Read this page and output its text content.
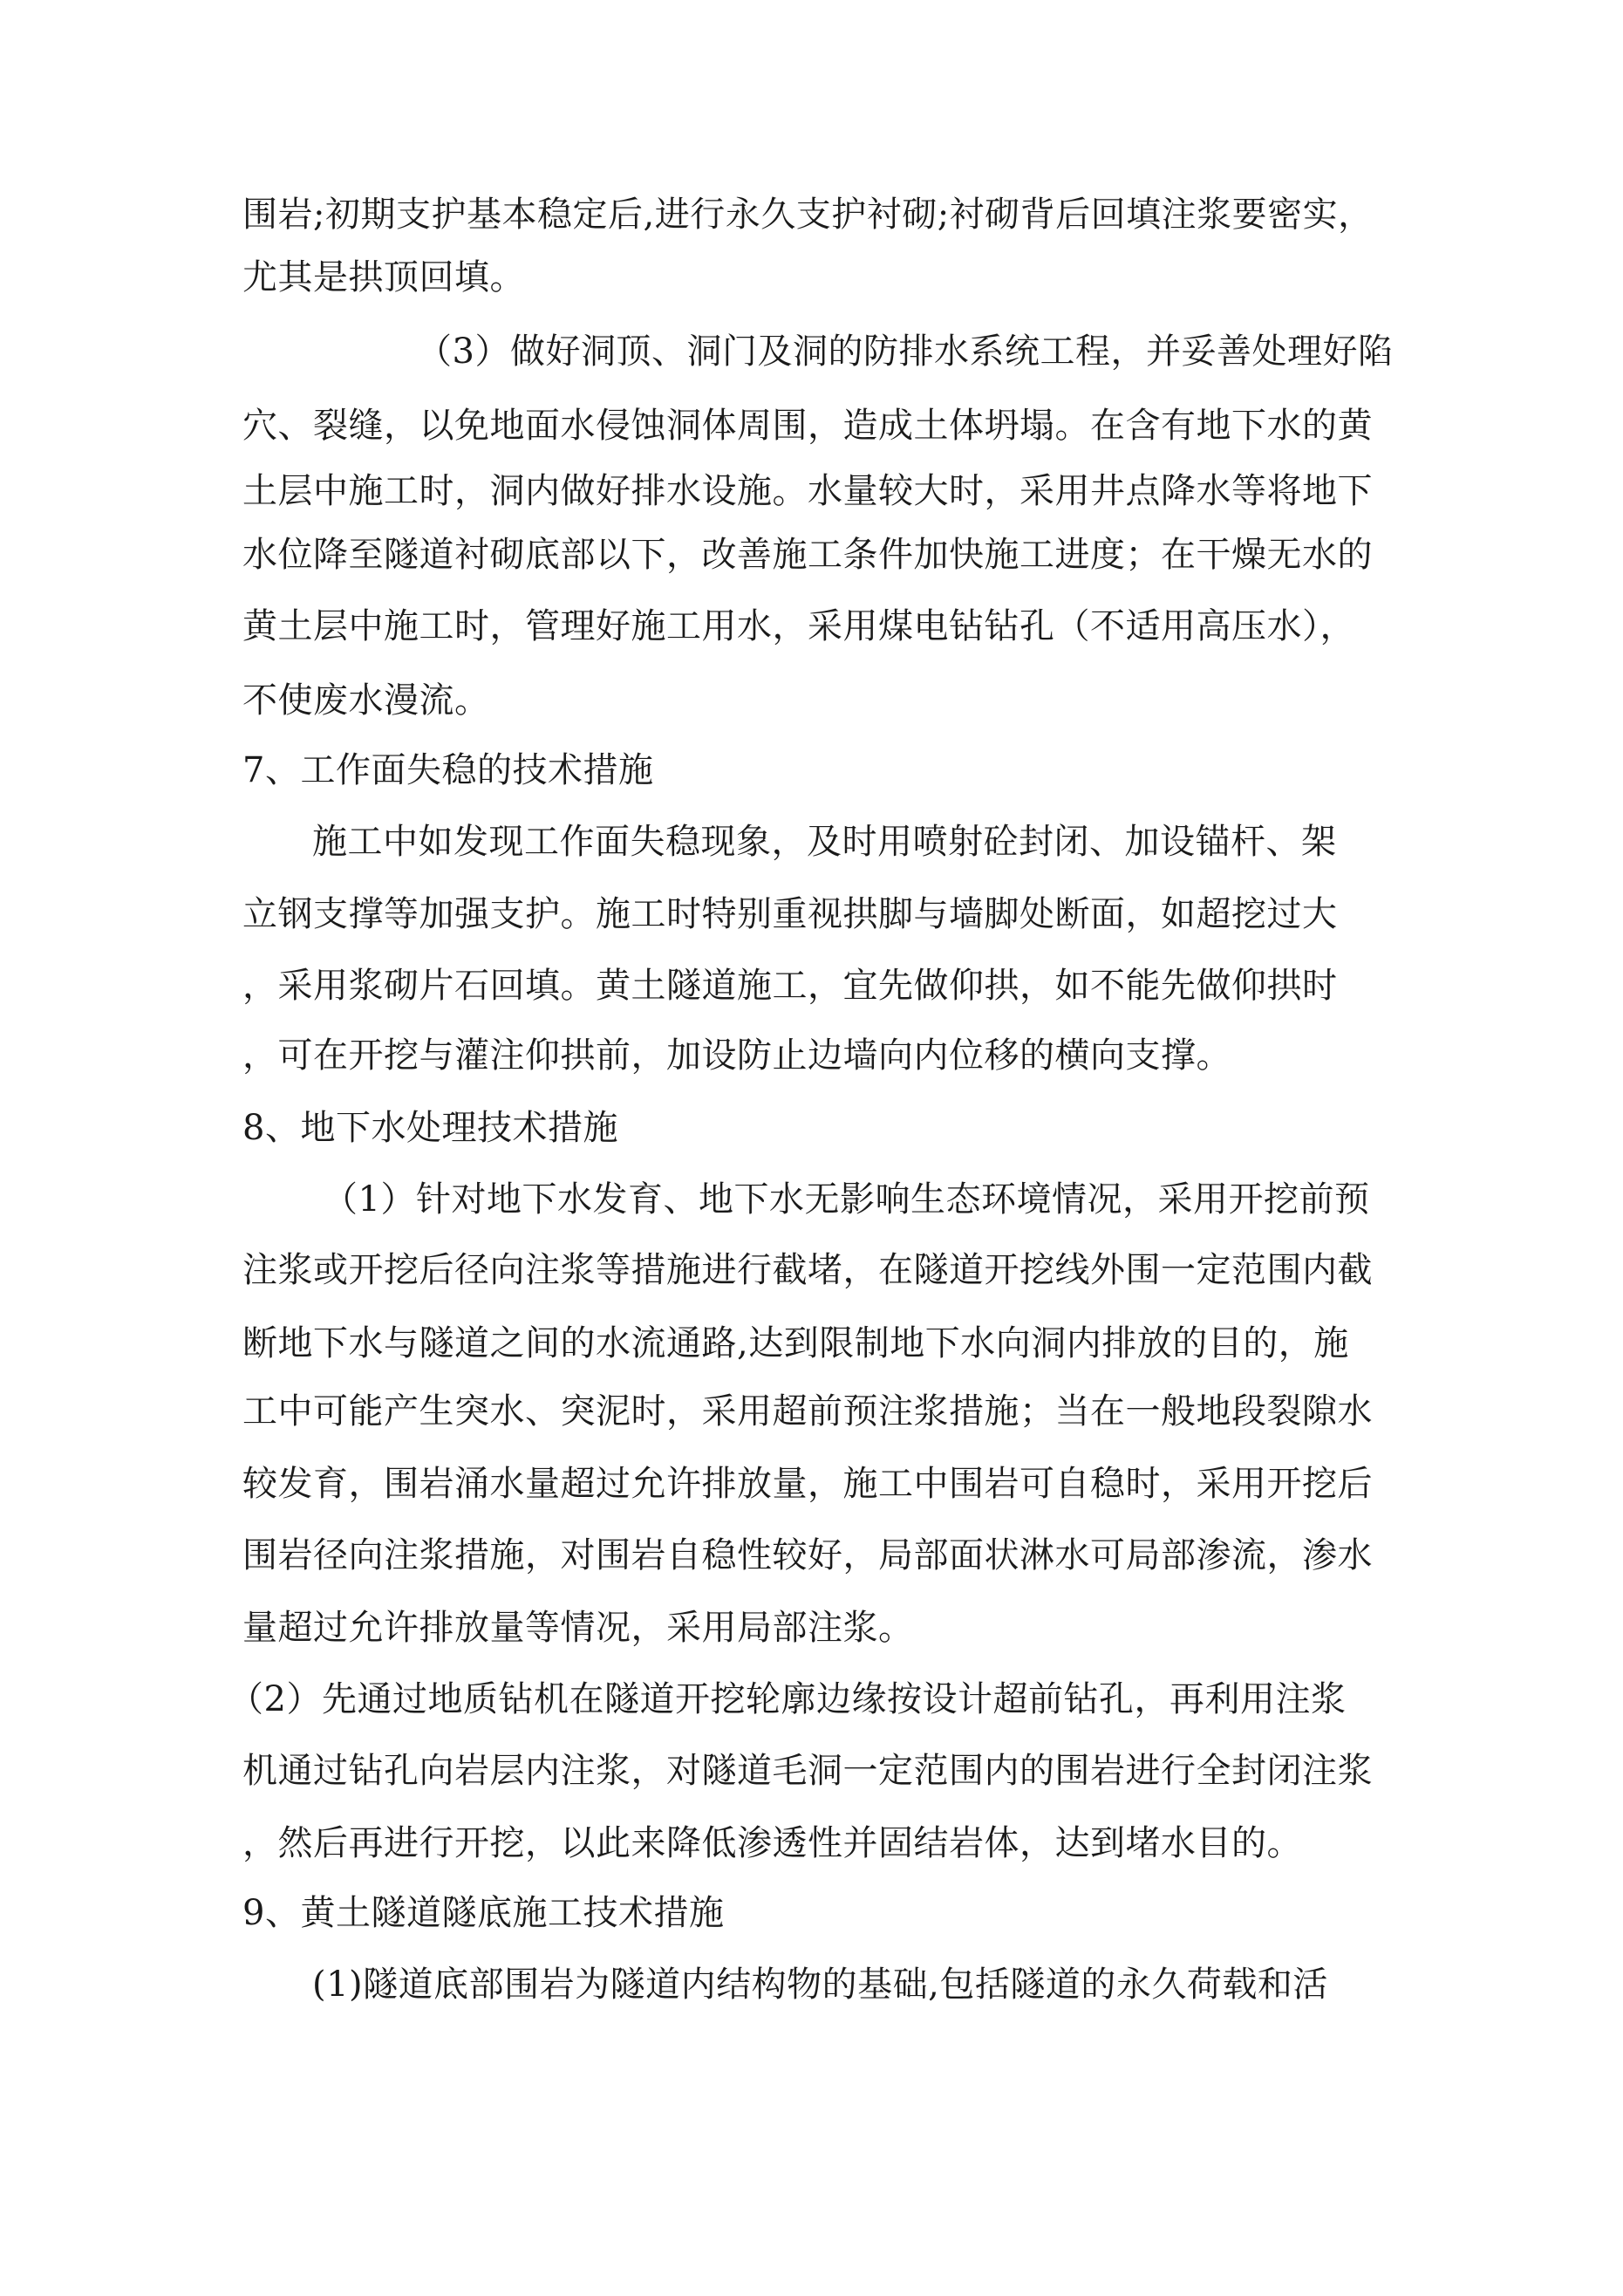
围岩;初期支护基本稳定后,进行永久支护衬砌;衬砌背后回填注浆要密实，
尤其是拱顶回填。
（3）做好洞顶、洞门及洞的防排水系统工程，并妥善处理好陷
穴、裂缝，以免地面水侵蚀洞体周围，造成土体坍塌。在含有地下水的黄
土层中施工时，洞内做好排水设施。水量较大时，采用井点降水等将地下
水位降至隧道衬砌底部以下，改善施工条件加快施工进度；在干燥无水的
黄土层中施工时，管理好施工用水，采用煤电钻钻孔（不适用高压水），
不使废水漫流。
7、工作面失稳的技术措施
施工中如发现工作面失稳现象，及时用喷射砼封闭、加设锚杆、架
立钢支撑等加强支护。施工时特别重视拱脚与墙脚处断面，如超挖过大
，采用浆砌片石回填。黄土隧道施工，宜先做仰拱，如不能先做仰拱时
，可在开挖与灌注仰拱前，加设防止边墙向内位移的横向支撑。
8、地下水处理技术措施
（1）针对地下水发育、地下水无影响生态环境情况，采用开挖前预
注浆或开挖后径向注浆等措施进行截堵，在隧道开挖线外围一定范围内截
断地下水与隧道之间的水流通路,达到限制地下水向洞内排放的目的，施
工中可能产生突水、突泥时，采用超前预注浆措施；当在一般地段裂隙水
较发育，围岩涌水量超过允许排放量，施工中围岩可自稳时，采用开挖后
围岩径向注浆措施，对围岩自稳性较好，局部面状淋水可局部渗流，渗水
量超过允许排放量等情况，采用局部注浆。
（2）先通过地质钻机在隧道开挖轮廓边缘按设计超前钻孔，再利用注浆
机通过钻孔向岩层内注浆，对隧道毛洞一定范围内的围岩进行全封闭注浆
，然后再进行开挖，以此来降低渗透性并固结岩体，达到堵水目的。
9、黄土隧道隧底施工技术措施
(1)隧道底部围岩为隧道内结构物的基础,包括隧道的永久荷载和活
